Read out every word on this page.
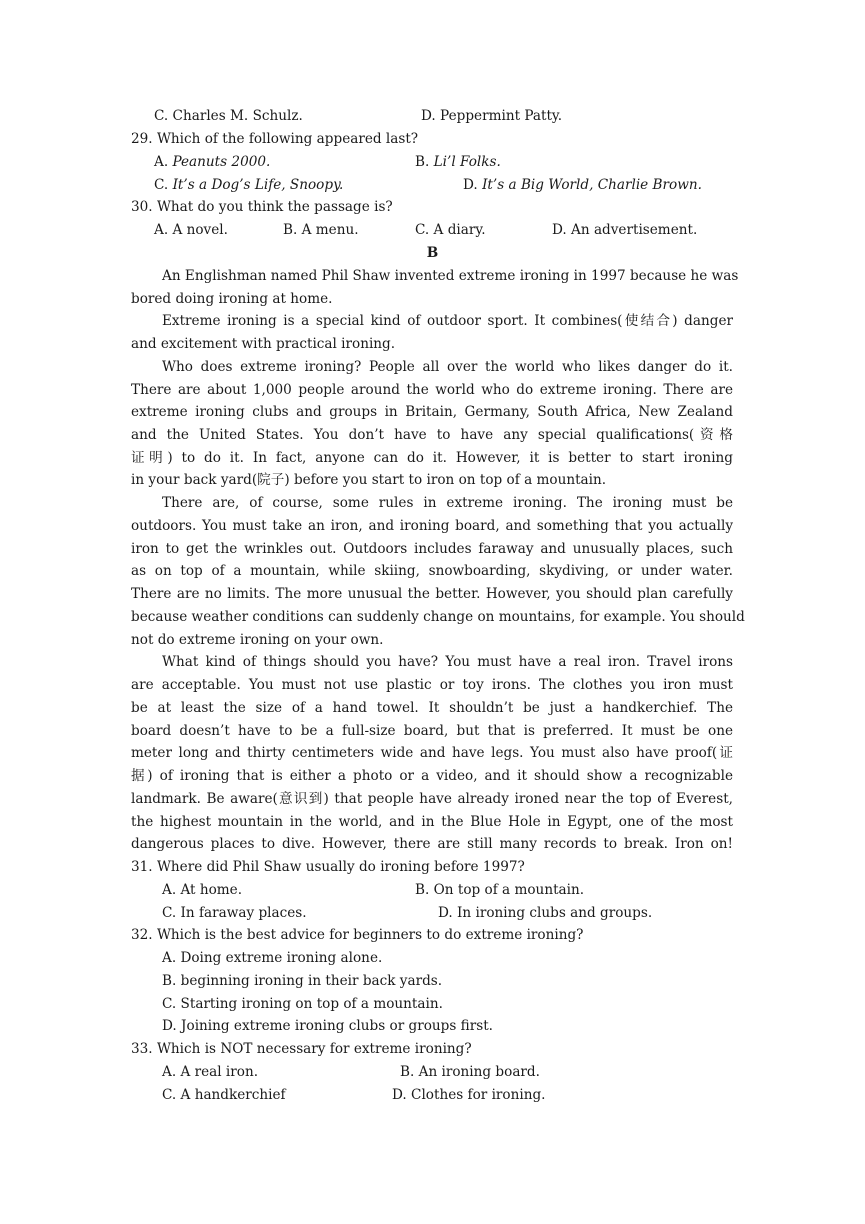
C. Charles M. Schulz.	D. Peppermint Patty.
29. Which of the following appeared last?
A. Peanuts 2000.	B. Li’l Folks.
C. It’s a Dog’s Life, Snoopy.	D. It’s a Big World, Charlie Brown.
30. What do you think the passage is?
A. A novel.	B. A menu.	C. A diary.	D. An advertisement.
B
An Englishman named Phil Shaw invented extreme ironing in 1997 because he was
bored doing ironing at home.
Extreme ironing is a special kind of outdoor sport. It combines(使结合) danger
and excitement with practical ironing.
Who does extreme ironing? People all over the world who likes danger do it.
There are about 1,000 people around the world who do extreme ironing. There are
extreme ironing clubs and groups in Britain, Germany, South Africa, New Zealand
and the United States. You don’t have to have any special qualifications(资格
证明) to do it. In fact, anyone can do it. However, it is better to start ironing
in your back yard(院子) before you start to iron on top of a mountain.
There are, of course, some rules in extreme ironing. The ironing must be
outdoors. You must take an iron, and ironing board, and something that you actually
iron to get the wrinkles out. Outdoors includes faraway and unusually places, such
as on top of a mountain, while skiing, snowboarding, skydiving, or under water.
There are no limits. The more unusual the better. However, you should plan carefully
because weather conditions can suddenly change on mountains, for example. You should
not do extreme ironing on your own.
What kind of things should you have? You must have a real iron. Travel irons
are acceptable. You must not use plastic or toy irons. The clothes you iron must
be at least the size of a hand towel. It shouldn’t be just a handkerchief. The
board doesn’t have to be a full-size board, but that is preferred. It must be one
meter long and thirty centimeters wide and have legs. You must also have proof(证
据) of ironing that is either a photo or a video, and it should show a recognizable
landmark. Be aware(意识到) that people have already ironed near the top of Everest,
the highest mountain in the world, and in the Blue Hole in Egypt, one of the most
dangerous places to dive. However, there are still many records to break. Iron on!
31. Where did Phil Shaw usually do ironing before 1997?
A. At home.	B. On top of a mountain.
C. In faraway places.	D. In ironing clubs and groups.
32. Which is the best advice for beginners to do extreme ironing?
A. Doing extreme ironing alone.
B. beginning ironing in their back yards.
C. Starting ironing on top of a mountain.
D. Joining extreme ironing clubs or groups first.
33. Which is NOT necessary for extreme ironing?
A. A real iron.	B. An ironing board.
C. A handkerchief	D. Clothes for ironing.
